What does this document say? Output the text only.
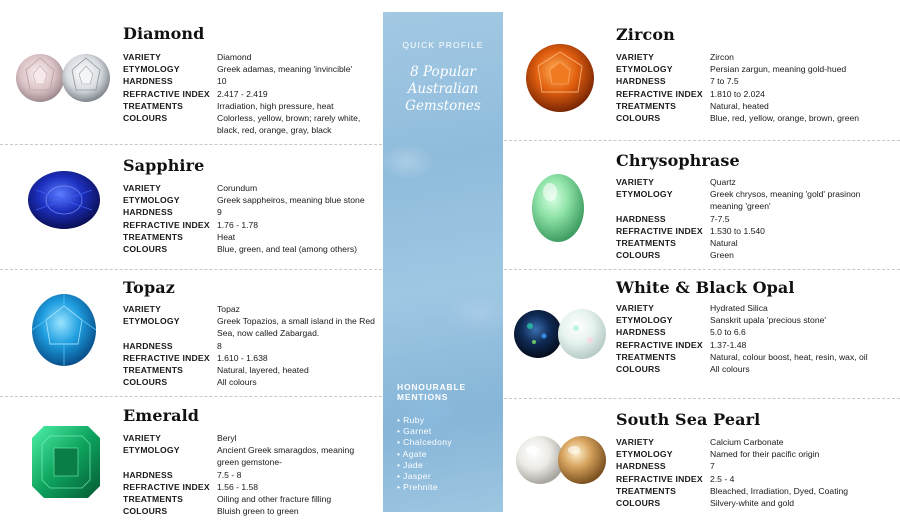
Diamond
VARIETY	Diamond
ETYMOLOGY	Greek adamas, meaning 'invincible'
HARDNESS	10
REFRACTIVE INDEX 2.417 - 2.419
TREATMENTS	Irradiation, high pressure, heat
COLOURS	Colorless, yellow, brown; rarely white, black, red, orange, gray, black
Sapphire
VARIETY	Corundum
ETYMOLOGY	Greek sappheiros, meaning blue stone
HARDNESS	9
REFRACTIVE INDEX 1.76 - 1.78
TREATMENTS	Heat
COLOURS	Blue, green, and teal (among others)
Topaz
VARIETY	Topaz
ETYMOLOGY	Greek Topazios, a small island in the Red Sea, now called Zabargad.
HARDNESS	8
REFRACTIVE INDEX 1.610 - 1.638
TREATMENTS	Natural, layered, heated
COLOURS	All colours
Emerald
VARIETY	Beryl
ETYMOLOGY	Ancient Greek smaragdos, meaning green gemstone-
HARDNESS	7.5 - 8
REFRACTIVE INDEX 1.56 - 1.58
TREATMENTS	Oiling and other fracture filling
COLOURS	Bluish green to green
QUICK PROFILE
8 Popular
Australian
Gemstones
HONOURABLE
MENTIONS
• Ruby
• Garnet
• Chalcedony
• Agate
• Jade
• Jasper
• Prehnite
Zircon
VARIETY	Zircon
ETYMOLOGY	Persian zargun, meaning gold-hued
HARDNESS	7 to 7.5
REFRACTIVE INDEX 1.810 to 2.024
TREATMENTS	Natural, heated
COLOURS	Blue, red, yellow, orange, brown, green
Chrysophrase
VARIETY	Quartz
ETYMOLOGY	Greek chrysos, meaning 'gold' prasinon meaning 'green'
HARDNESS	7-7.5
REFRACTIVE INDEX 1.530 to 1.540
TREATMENTS	Natural
COLOURS	Green
White & Black Opal
VARIETY	Hydrated Silica
ETYMOLOGY	Sanskrit upala 'precious stone'
HARDNESS	5.0 to 6.6
REFRACTIVE INDEX 1.37-1.48
TREATMENTS	Natural, colour boost, heat, resin, wax, oil
COLOURS	All colours
South Sea Pearl
VARIETY	Calcium Carbonate
ETYMOLOGY	Named for their pacific origin
HARDNESS	7
REFRACTIVE INDEX 2.5 - 4
TREATMENTS	Bleached, Irradiation, Dyed, Coating
COLOURS	Silvery-white and gold
